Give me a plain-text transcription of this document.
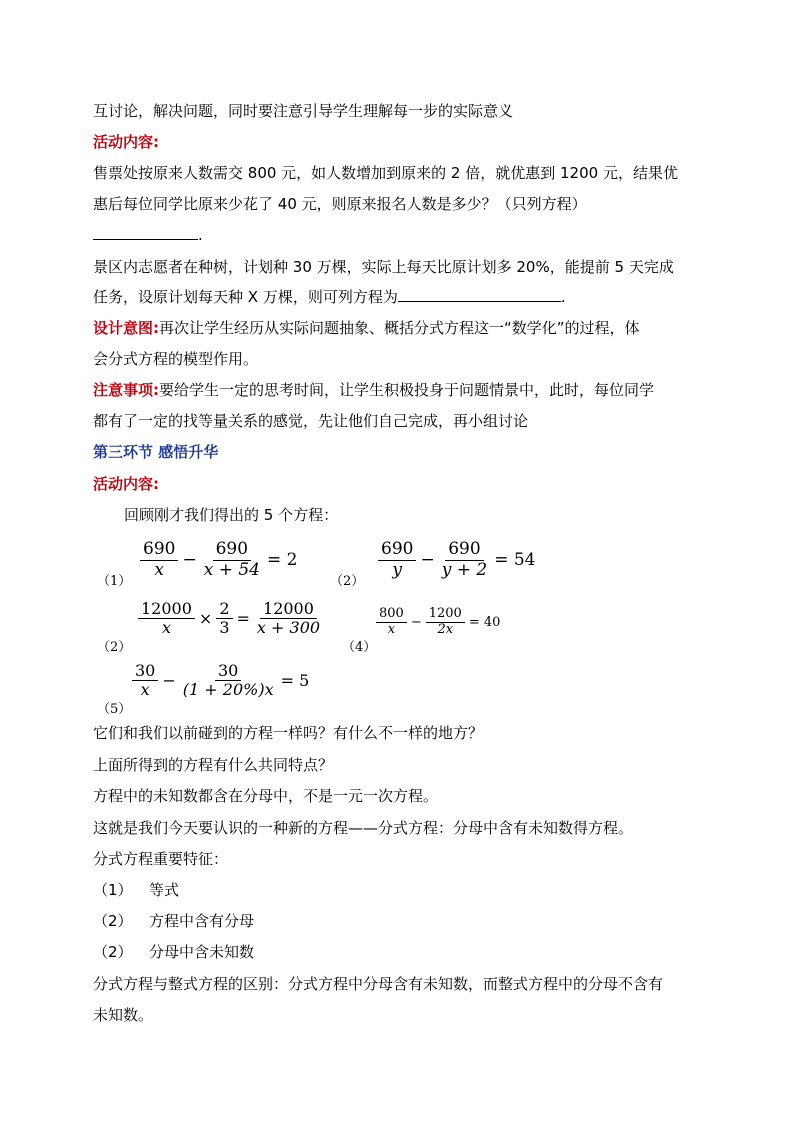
互讨论，解决问题，同时要注意引导学生理解每一步的实际意义
活动内容:
售票处按原来人数需交 800 元，如人数增加到原来的 2 倍，就优惠到 1200 元，结果优
惠后每位同学比原来少花了 40 元，则原来报名人数是多少？（只列方程）
.
景区内志愿者在种树，计划种 30 万棵，实际上每天比原计划多 20%，能提前 5 天完成
任务，设原计划每天种 X 万棵，则可列方程为	.
设计意图:再次让学生经历从实际问题抽象、概括分式方程这一“数学化”的过程，体
会分式方程的模型作用。
注意事项:要给学生一定的思考时间，让学生积极投身于问题情景中，此时，每位同学
都有了一定的找等量关系的感觉，先让他们自己完成，再小组讨论
第三环节 感悟升华
活动内容:
回顾刚才我们得出的 5 个方程：
（1）
$\frac{690}{x} - \frac{690}{x + 54} = 2$
（2）
$\frac{690}{y} - \frac{690}{y + 2} = 54$
（2）
$\frac{12000}{x} \times \frac{2}{3} = \frac{12000}{x + 300}$
（4）
$\frac{800}{x} - \frac{1200}{2x} = 40$
（5）
$\frac{30}{x} - \frac{30}{(1 + 20\%)x} = 5$
它们和我们以前碰到的方程一样吗？有什么不一样的地方？
上面所得到的方程有什么共同特点？
方程中的未知数都含在分母中，不是一元一次方程。
这就是我们今天要认识的一种新的方程——分式方程：分母中含有未知数得方程。
分式方程重要特征：
（1） 等式
（2） 方程中含有分母
（2） 分母中含未知数
分式方程与整式方程的区别：分式方程中分母含有未知数，而整式方程中的分母不含有
未知数。
